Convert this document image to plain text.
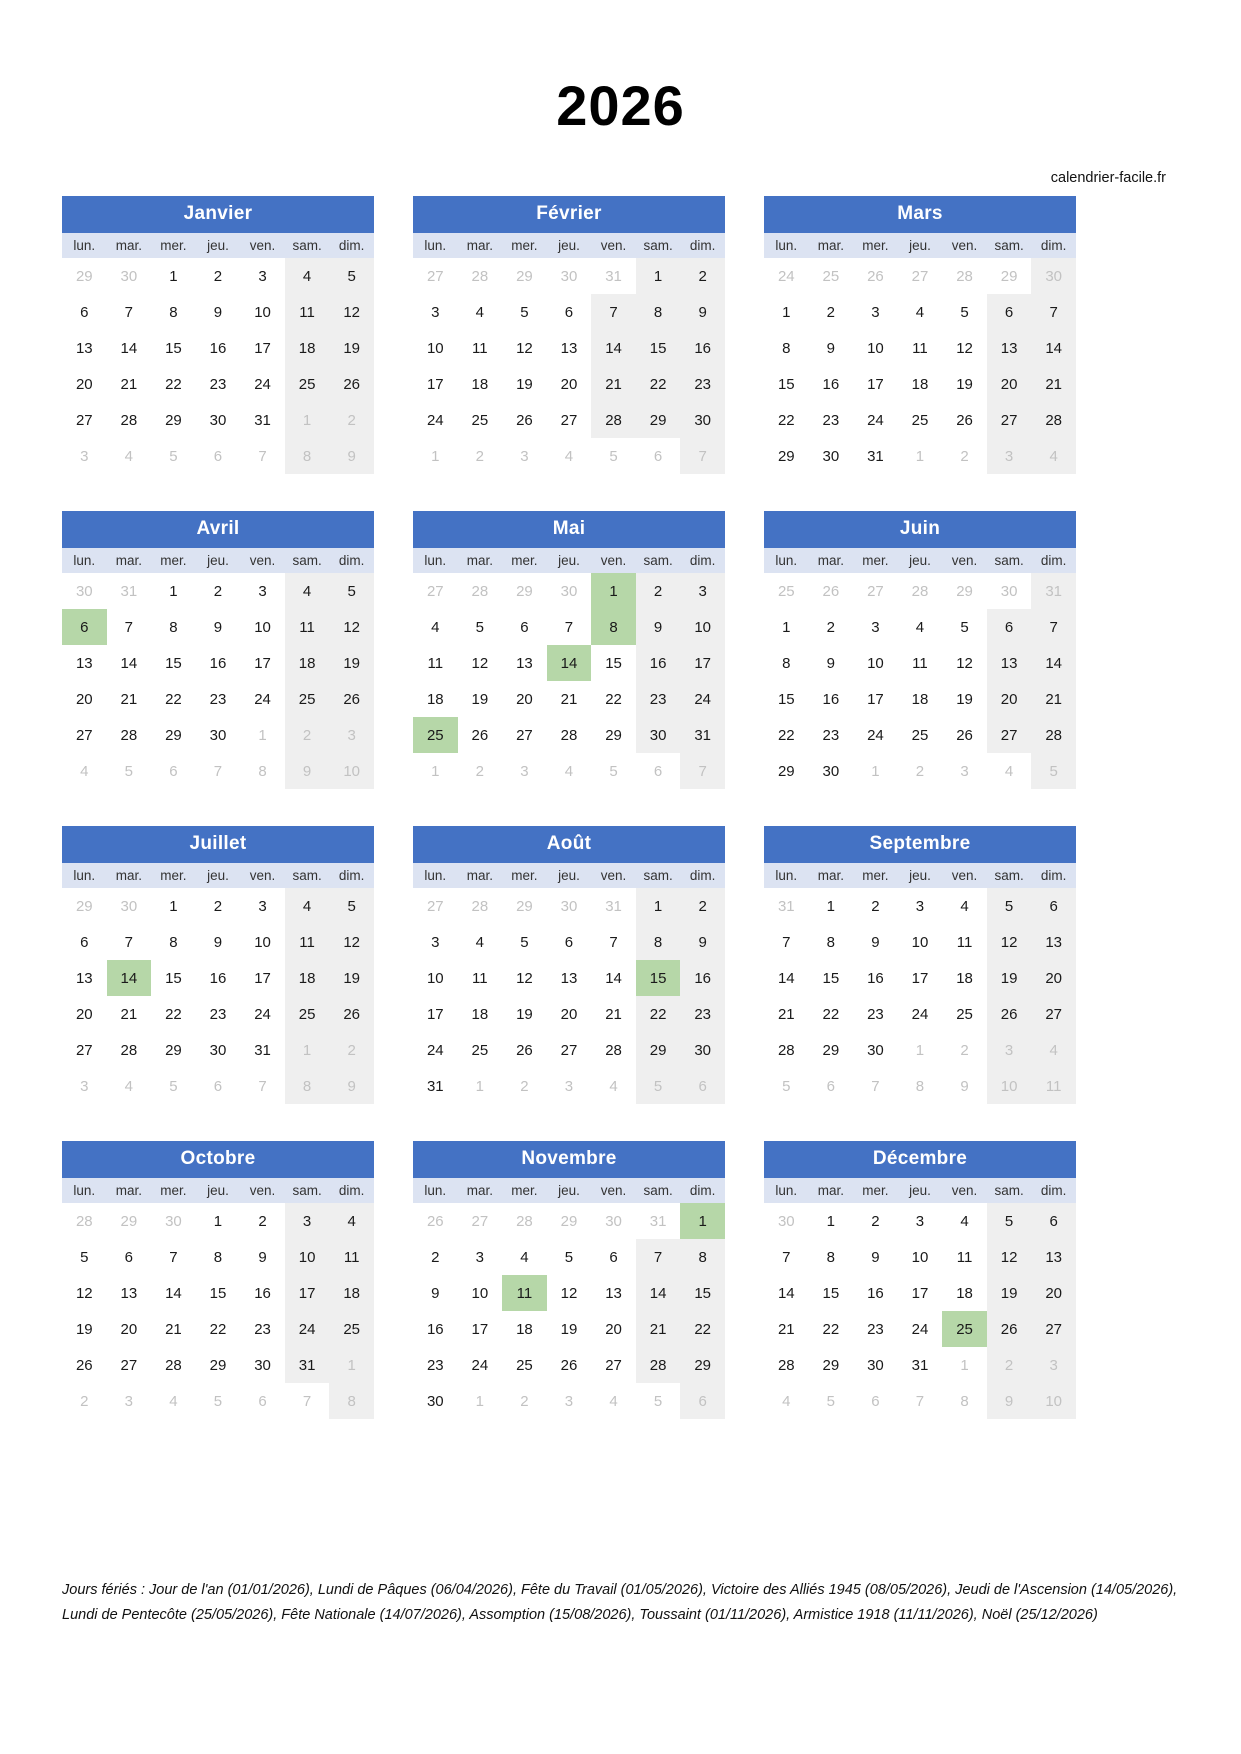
2026
calendrier-facile.fr
Janvier
lun.	mar.	mer.	jeu.	ven.	sam.	dim.
29	30	1	2	3	4	5
6	7	8	9	10	11	12
13	14	15	16	17	18	19
20	21	22	23	24	25	26
27	28	29	30	31	1	2
3	4	5	6	7	8	9
Février
lun.	mar.	mer.	jeu.	ven.	sam.	dim.
27	28	29	30	31	1	2
3	4	5	6	7	8	9
10	11	12	13	14	15	16
17	18	19	20	21	22	23
24	25	26	27	28	29	30
1	2	3	4	5	6	7
Mars
lun.	mar.	mer.	jeu.	ven.	sam.	dim.
24	25	26	27	28	29	30
1	2	3	4	5	6	7
8	9	10	11	12	13	14
15	16	17	18	19	20	21
22	23	24	25	26	27	28
29	30	31	1	2	3	4
Avril
lun.	mar.	mer.	jeu.	ven.	sam.	dim.
30	31	1	2	3	4	5
6	7	8	9	10	11	12
13	14	15	16	17	18	19
20	21	22	23	24	25	26
27	28	29	30	1	2	3
4	5	6	7	8	9	10
Mai
lun.	mar.	mer.	jeu.	ven.	sam.	dim.
27	28	29	30	1	2	3
4	5	6	7	8	9	10
11	12	13	14	15	16	17
18	19	20	21	22	23	24
25	26	27	28	29	30	31
1	2	3	4	5	6	7
Juin
lun.	mar.	mer.	jeu.	ven.	sam.	dim.
25	26	27	28	29	30	31
1	2	3	4	5	6	7
8	9	10	11	12	13	14
15	16	17	18	19	20	21
22	23	24	25	26	27	28
29	30	1	2	3	4	5
Juillet
lun.	mar.	mer.	jeu.	ven.	sam.	dim.
29	30	1	2	3	4	5
6	7	8	9	10	11	12
13	14	15	16	17	18	19
20	21	22	23	24	25	26
27	28	29	30	31	1	2
3	4	5	6	7	8	9
Août
lun.	mar.	mer.	jeu.	ven.	sam.	dim.
27	28	29	30	31	1	2
3	4	5	6	7	8	9
10	11	12	13	14	15	16
17	18	19	20	21	22	23
24	25	26	27	28	29	30
31	1	2	3	4	5	6
Septembre
lun.	mar.	mer.	jeu.	ven.	sam.	dim.
31	1	2	3	4	5	6
7	8	9	10	11	12	13
14	15	16	17	18	19	20
21	22	23	24	25	26	27
28	29	30	1	2	3	4
5	6	7	8	9	10	11
Octobre
lun.	mar.	mer.	jeu.	ven.	sam.	dim.
28	29	30	1	2	3	4
5	6	7	8	9	10	11
12	13	14	15	16	17	18
19	20	21	22	23	24	25
26	27	28	29	30	31	1
2	3	4	5	6	7	8
Novembre
lun.	mar.	mer.	jeu.	ven.	sam.	dim.
26	27	28	29	30	31	1
2	3	4	5	6	7	8
9	10	11	12	13	14	15
16	17	18	19	20	21	22
23	24	25	26	27	28	29
30	1	2	3	4	5	6
Décembre
lun.	mar.	mer.	jeu.	ven.	sam.	dim.
30	1	2	3	4	5	6
7	8	9	10	11	12	13
14	15	16	17	18	19	20
21	22	23	24	25	26	27
28	29	30	31	1	2	3
4	5	6	7	8	9	10
Jours fériés : Jour de l'an (01/01/2026), Lundi de Pâques (06/04/2026), Fête du Travail (01/05/2026), Victoire des Alliés 1945 (08/05/2026), Jeudi de l'Ascension (14/05/2026), Lundi de Pentecôte (25/05/2026), Fête Nationale (14/07/2026), Assomption (15/08/2026), Toussaint (01/11/2026), Armistice 1918 (11/11/2026), Noël (25/12/2026)
